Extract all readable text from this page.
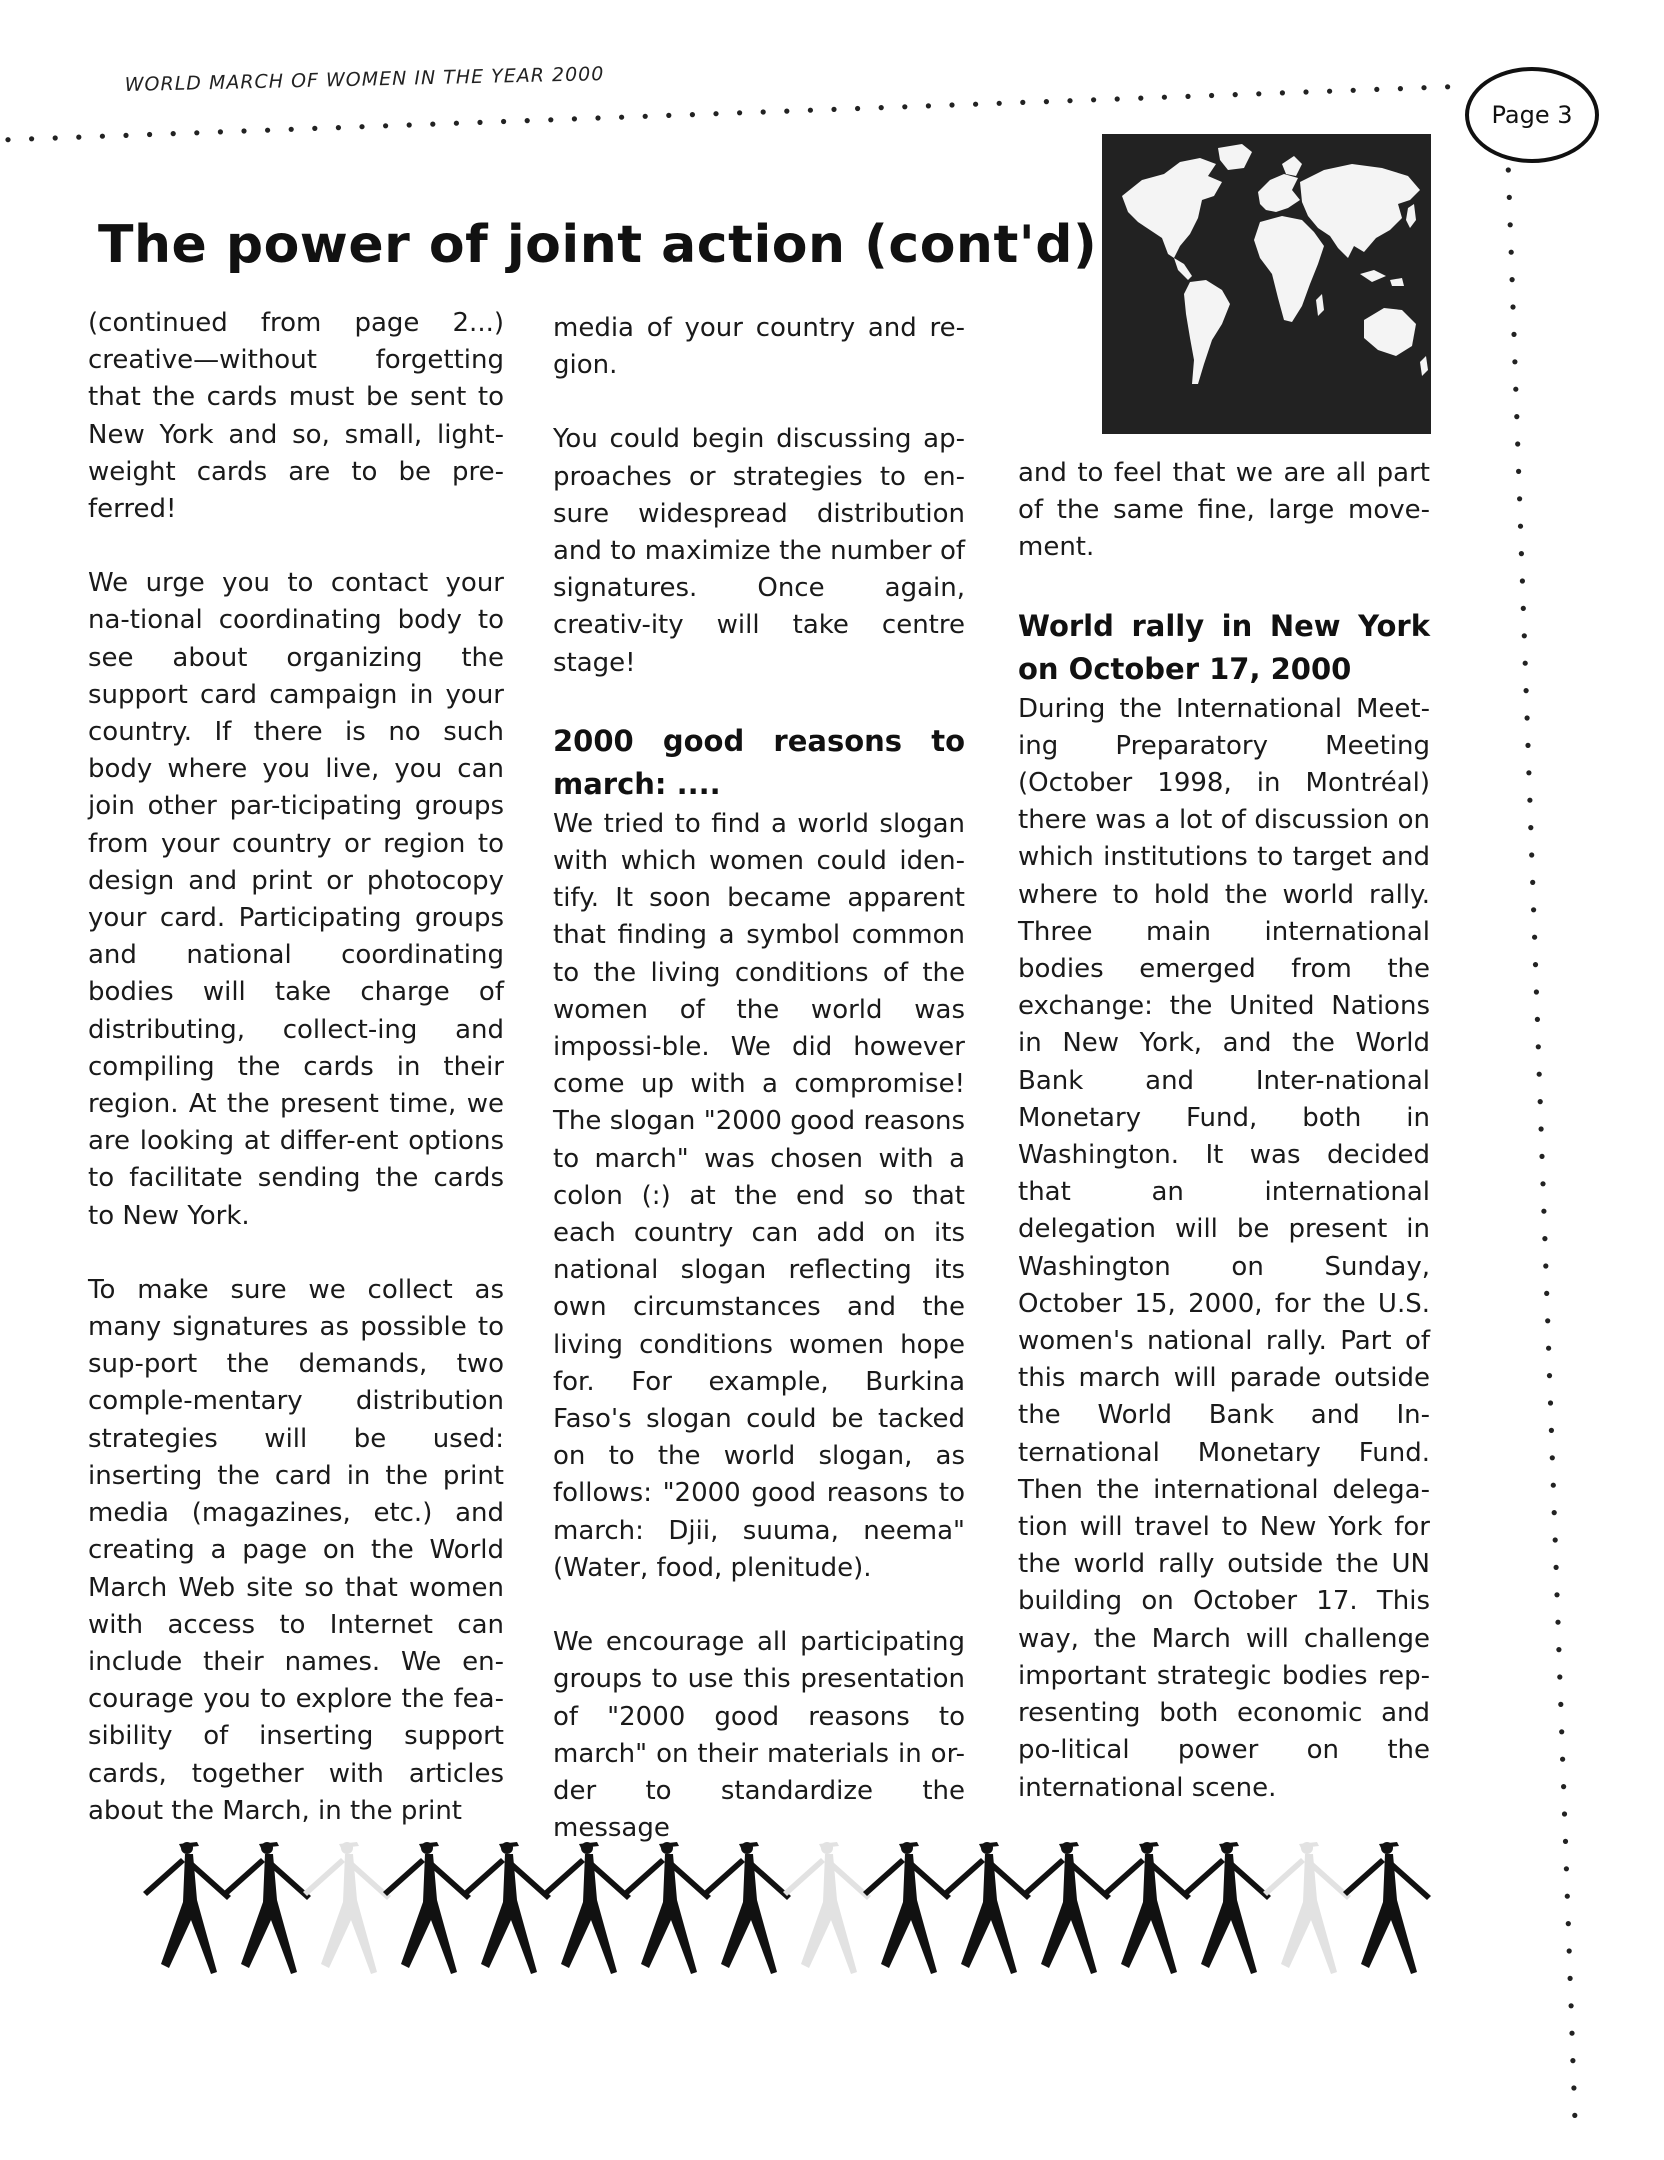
WORLD MARCH OF WOMEN IN THE YEAR 2000
Page 3
The power of joint action (cont'd)

(continued from page 2...) creative—without forgetting that the cards must be sent to New York and so, small, light-weight cards are to be pre-ferred!

We urge you to contact your na-tional coordinating body to see about organizing the support card campaign in your country. If there is no such body where you live, you can join other par-ticipating groups from your country or region to design and print or photocopy your card. Participating groups and national coordinating bodies will take charge of distributing, collect-ing and compiling the cards in their region. At the present time, we are looking at differ-ent options to facilitate sending the cards to New York.

To make sure we collect as many signatures as possible to sup-port the demands, two comple-mentary distribution strategies will be used: inserting the card in the print media (magazines, etc.) and creating a page on the World March Web site so that women with access to Internet can include their names. We en-courage you to explore the fea-sibility of inserting support cards, together with articles about the March, in the print

media of your country and re-gion.

You could begin discussing ap-proaches or strategies to en-sure widespread distribution and to maximize the number of signatures. Once again, creativ-ity will take centre stage!

2000 good reasons to march: ....

We tried to find a world slogan with which women could iden-tify. It soon became apparent that finding a symbol common to the living conditions of the women of the world was impossi-ble. We did however come up with a compromise! The slogan "2000 good reasons to march" was chosen with a colon (:) at the end so that each country can add on its national slogan reflecting its own circumstances and the living conditions women hope for. For example, Burkina Faso's slogan could be tacked on to the world slogan, as follows: "2000 good reasons to march: Djii, suuma, neema" (Water, food, plenitude).

We encourage all participating groups to use this presentation of "2000 good reasons to march" on their materials in or-der to standardize the message

and to feel that we are all part of the same fine, large move-ment.

World rally in New York on October 17, 2000

During the International Meet-ing Preparatory Meeting (October 1998, in Montréal) there was a lot of discussion on which institutions to target and where to hold the world rally. Three main international bodies emerged from the exchange: the United Nations in New York, and the World Bank and Inter-national Monetary Fund, both in Washington. It was decided that an international delegation will be present in Washington on Sunday, October 15, 2000, for the U.S. women's national rally. Part of this march will parade outside the World Bank and In-ternational Monetary Fund. Then the international delega-tion will travel to New York for the world rally outside the UN building on October 17. This way, the March will challenge important strategic bodies rep-resenting both economic and po-litical power on the international scene.
